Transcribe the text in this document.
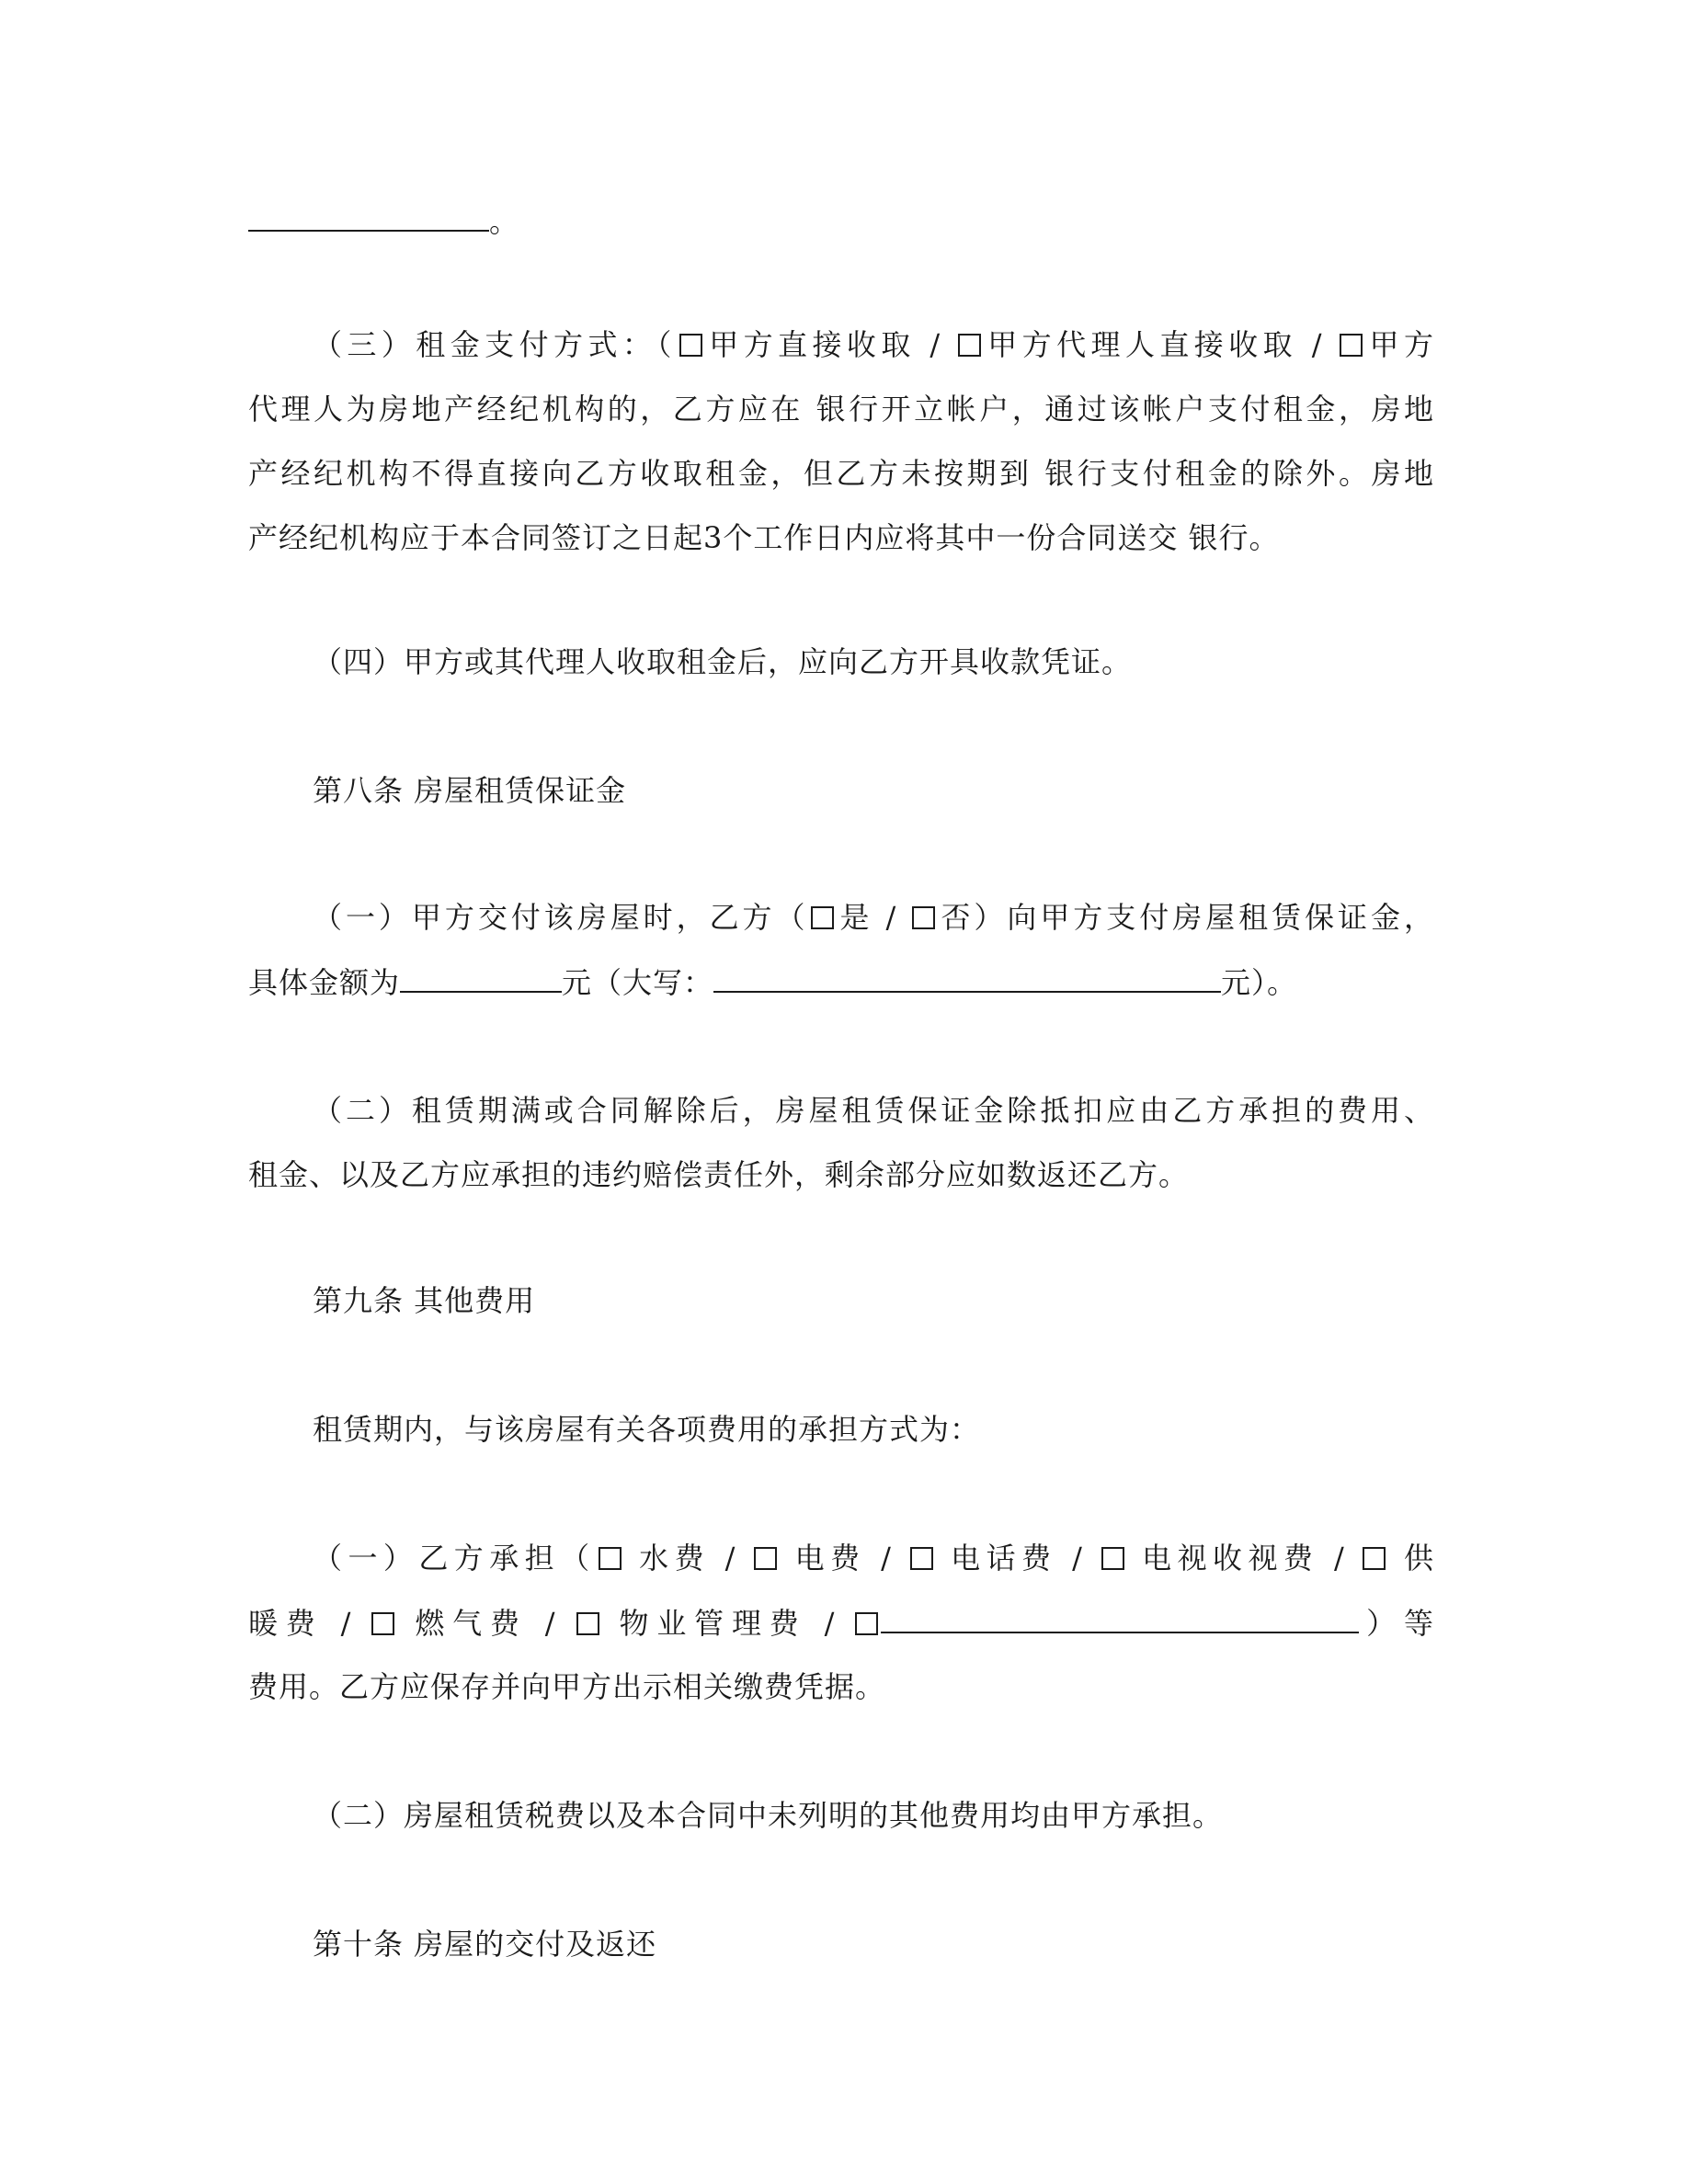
。
（三）租金支付方式：（ 甲方直接收取 / 甲方代理人直接收取 / 甲方
代理人为房地产经纪机构的，乙方应在 银行开立帐户，通过该帐户支付租金，房地
产经纪机构不得直接向乙方收取租金，但乙方未按期到 银行支付租金的除外。房地
产经纪机构应于本合同签订之日起3个工作日内应将其中一份合同送交 银行。
（四）甲方或其代理人收取租金后，应向乙方开具收款凭证。
第八条 房屋租赁保证金
（一）甲方交付该房屋时，乙方（ 是 / 否）向甲方支付房屋租赁保证金，
具体金额为	元（大写：	元）。
（二）租赁期满或合同解除后，房屋租赁保证金除抵扣应由乙方承担的费用、
租金、以及乙方应承担的违约赔偿责任外，剩余部分应如数返还乙方。
第九条 其他费用
租赁期内，与该房屋有关各项费用的承担方式为：
（一）乙方承担（ 水费 /  电费 /  电话费 /  电视收视费 /  供
暖费 /  燃气费 /  物业管理费 /	）等
费用。乙方应保存并向甲方出示相关缴费凭据。
（二）房屋租赁税费以及本合同中未列明的其他费用均由甲方承担。
第十条 房屋的交付及返还
